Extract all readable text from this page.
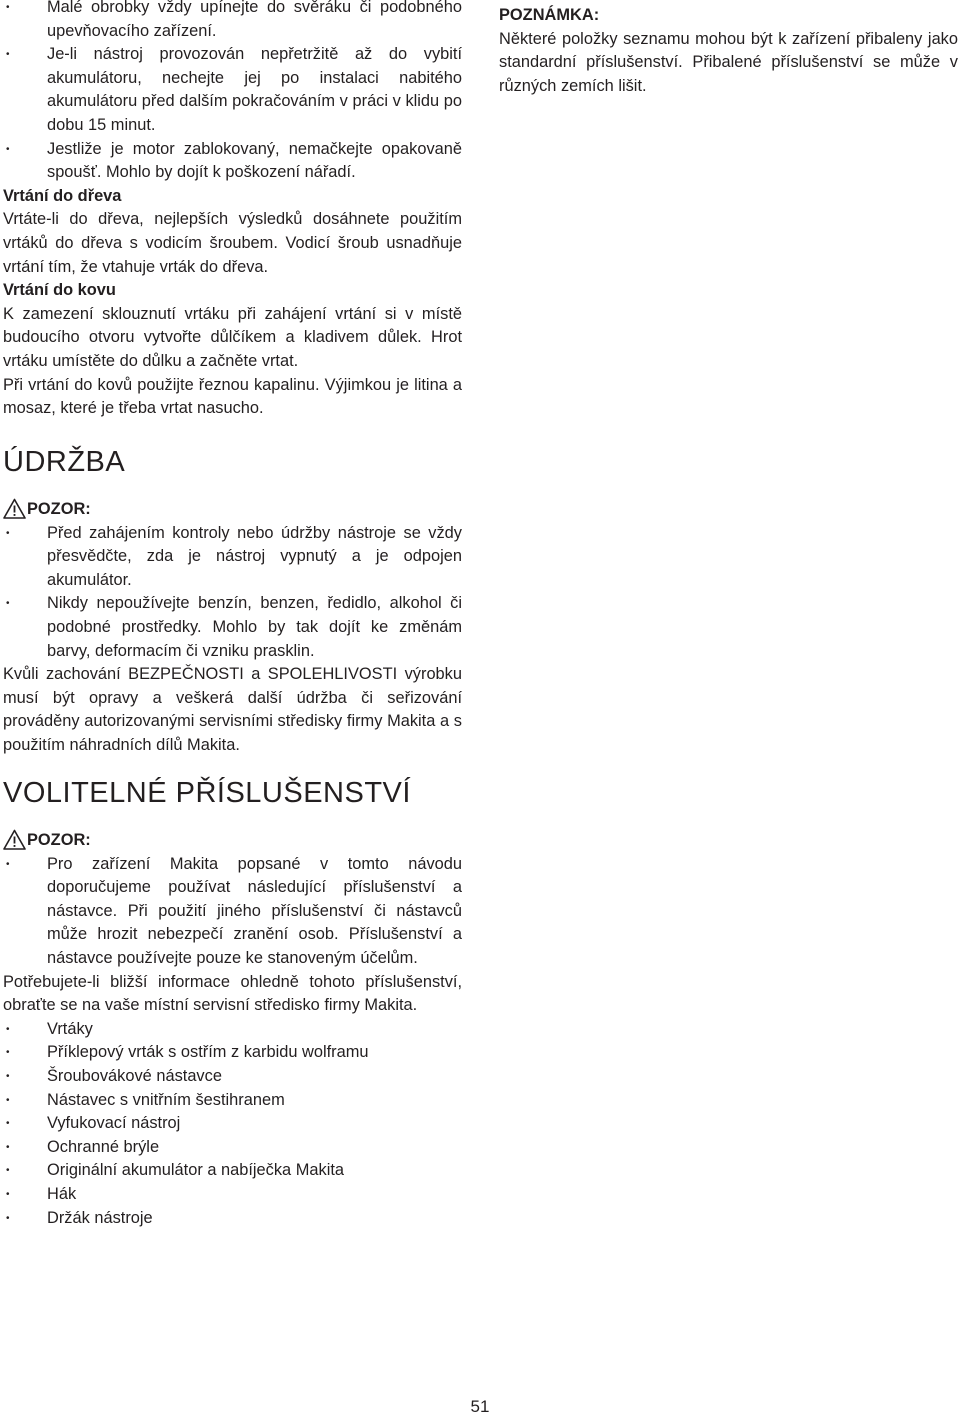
• Malé obrobky vždy upínejte do svěráku či podobného upevňovacího zařízení.
• Je-li nástroj provozován nepřetržitě až do vybití akumulátoru, nechejte jej po instalaci nabitého akumulátoru před dalším pokračováním v práci v klidu po dobu 15 minut.
• Jestliže je motor zablokovaný, nemačkejte opakovaně spoušť. Mohlo by dojít k poškození nářadí.
Vrtání do dřeva

Vrtáte-li do dřeva, nejlepších výsledků dosáhnete použitím vrtáků do dřeva s vodicím šroubem. Vodicí šroub usnadňuje vrtání tím, že vtahuje vrták do dřeva.

Vrtání do kovu

K zamezení sklouznutí vrtáku při zahájení vrtání si v místě budoucího otvoru vytvořte důlčíkem a kladivem důlek. Hrot vrtáku umístěte do důlku a začněte vrtat.

Při vrtání do kovů použijte řeznou kapalinu. Výjimkou je litina a mosaz, které je třeba vrtat nasucho.

ÚDRŽBA
POZOR:
• Před zahájením kontroly nebo údržby nástroje se vždy přesvědčte, zda je nástroj vypnutý a je odpojen akumulátor.
• Nikdy nepoužívejte benzín, benzen, ředidlo, alkohol či podobné prostředky. Mohlo by tak dojít ke změnám barvy, deformacím či vzniku prasklin.

Kvůli zachování BEZPEČNOSTI a SPOLEHLIVOSTI výrobku musí být opravy a veškerá další údržba či seřizování prováděny autorizovanými servisními středisky firmy Makita a s použitím náhradních dílů Makita.

VOLITELNÉ PŘÍSLUŠENSTVÍ
POZOR:
• Pro zařízení Makita popsané v tomto návodu doporučujeme používat následující příslušenství a nástavce. Při použití jiného příslušenství či nástavců může hrozit nebezpečí zranění osob. Příslušenství a nástavce používejte pouze ke stanoveným účelům.

Potřebujete-li bližší informace ohledně tohoto příslušenství, obraťte se na vaše místní servisní středisko firmy Makita.

• Vrtáky
• Příklepový vrták s ostřím z karbidu wolframu
• Šroubovákové nástavce
• Nástavec s vnitřním šestihranem
• Vyfukovací nástroj
• Ochranné brýle
• Originální akumulátor a nabíječka Makita
• Hák
• Držák nástroje
POZNÁMKA:

Některé položky seznamu mohou být k zařízení přibaleny jako standardní příslušenství. Přibalené příslušenství se může v různých zemích lišit.

51
